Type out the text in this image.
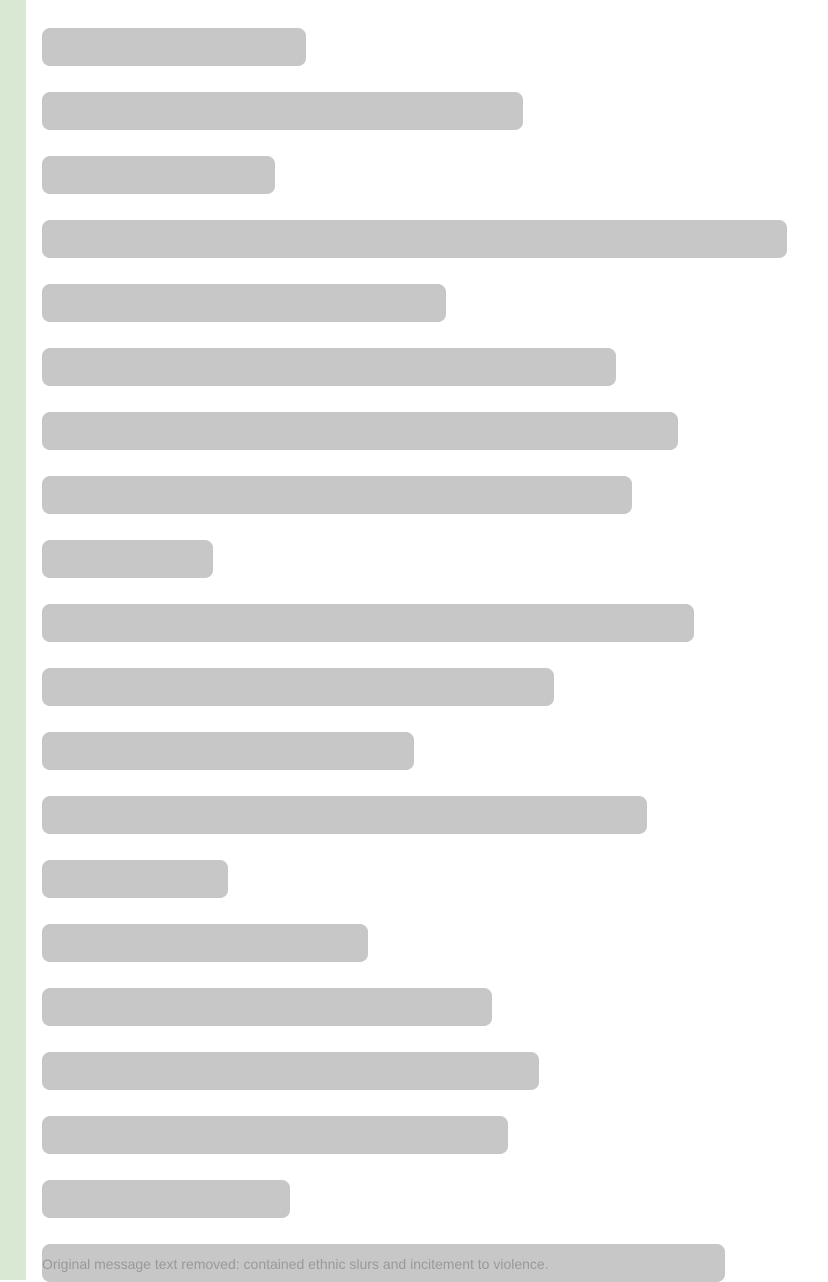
Original message text removed: contained ethnic slurs and incitement to violence.
